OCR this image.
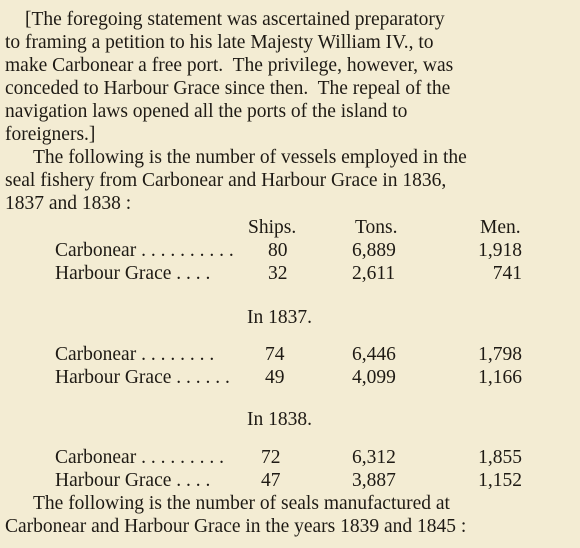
[The foregoing statement was ascertained preparatory
to framing a petition to his late Majesty William IV., to
make Carbonear a free port.  The privilege, however, was
conceded to Harbour Grace since then.  The repeal of the
navigation laws opened all the ports of the island to
foreigners.]
The following is the number of vessels employed in the
seal fishery from Carbonear and Harbour Grace in 1836,
1837 and 1838 :
Ships.	Tons.	Men.
Carbonear . . . . . . . . . . 80	6,889	1,918
Harbour Grace . . . .	32	2,611	741
In 1837.
Carbonear . . . . . . . .	74	6,446	1,798
Harbour Grace . . . . . . 49	4,099	1,166
In 1838.
Carbonear . . . . . . . . . 72	6,312	1,855
Harbour Grace . . . .	47	3,887	1,152
The following is the number of seals manufactured at
Carbonear and Harbour Grace in the years 1839 and 1845 :
